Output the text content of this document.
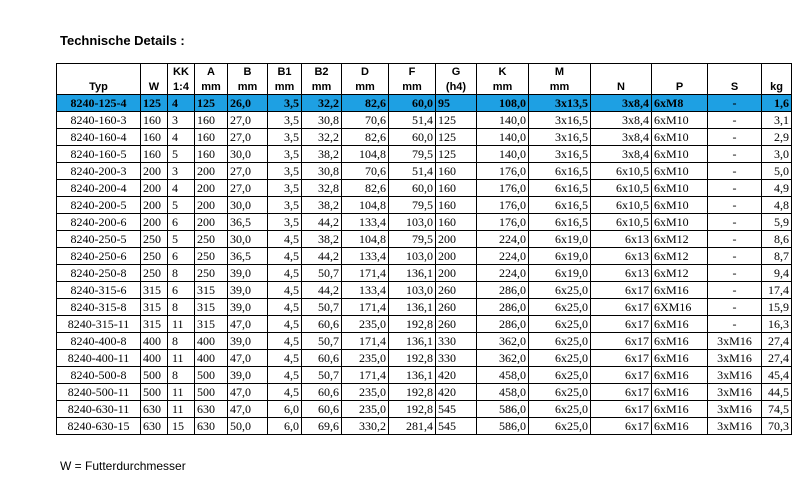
Technische Details :
		KK	A	B	B1	B2	D	F	G	K	M				
Typ	W	1:4	mm	mm	mm	mm	mm	mm	(h4)	mm	mm	N	P	S	kg
8240-125-4	125	4	125	26,0	3,5	32,2	82,6	60,0	95	108,0	3x13,5	3x8,4	6xM8	-	1,6
8240-160-3	160	3	160	27,0	3,5	30,8	70,6	51,4	125	140,0	3x16,5	3x8,4	6xM10	-	3,1
8240-160-4	160	4	160	27,0	3,5	32,2	82,6	60,0	125	140,0	3x16,5	3x8,4	6xM10	-	2,9
8240-160-5	160	5	160	30,0	3,5	38,2	104,8	79,5	125	140,0	3x16,5	3x8,4	6xM10	-	3,0
8240-200-3	200	3	200	27,0	3,5	30,8	70,6	51,4	160	176,0	6x16,5	6x10,5	6xM10	-	5,0
8240-200-4	200	4	200	27,0	3,5	32,8	82,6	60,0	160	176,0	6x16,5	6x10,5	6xM10	-	4,9
8240-200-5	200	5	200	30,0	3,5	38,2	104,8	79,5	160	176,0	6x16,5	6x10,5	6xM10	-	4,8
8240-200-6	200	6	200	36,5	3,5	44,2	133,4	103,0	160	176,0	6x16,5	6x10,5	6xM10	-	5,9
8240-250-5	250	5	250	30,0	4,5	38,2	104,8	79,5	200	224,0	6x19,0	6x13	6xM12	-	8,6
8240-250-6	250	6	250	36,5	4,5	44,2	133,4	103,0	200	224,0	6x19,0	6x13	6xM12	-	8,7
8240-250-8	250	8	250	39,0	4,5	50,7	171,4	136,1	200	224,0	6x19,0	6x13	6xM12	-	9,4
8240-315-6	315	6	315	39,0	4,5	44,2	133,4	103,0	260	286,0	6x25,0	6x17	6xM16	-	17,4
8240-315-8	315	8	315	39,0	4,5	50,7	171,4	136,1	260	286,0	6x25,0	6x17	6XM16	-	15,9
8240-315-11	315	11	315	47,0	4,5	60,6	235,0	192,8	260	286,0	6x25,0	6x17	6xM16	-	16,3
8240-400-8	400	8	400	39,0	4,5	50,7	171,4	136,1	330	362,0	6x25,0	6x17	6xM16	3xM16	27,4
8240-400-11	400	11	400	47,0	4,5	60,6	235,0	192,8	330	362,0	6x25,0	6x17	6xM16	3xM16	27,4
8240-500-8	500	8	500	39,0	4,5	50,7	171,4	136,1	420	458,0	6x25,0	6x17	6xM16	3xM16	45,4
8240-500-11	500	11	500	47,0	4,5	60,6	235,0	192,8	420	458,0	6x25,0	6x17	6xM16	3xM16	44,5
8240-630-11	630	11	630	47,0	6,0	60,6	235,0	192,8	545	586,0	6x25,0	6x17	6xM16	3xM16	74,5
8240-630-15	630	15	630	50,0	6,0	69,6	330,2	281,4	545	586,0	6x25,0	6x17	6xM16	3xM16	70,3
W = Futterdurchmesser
